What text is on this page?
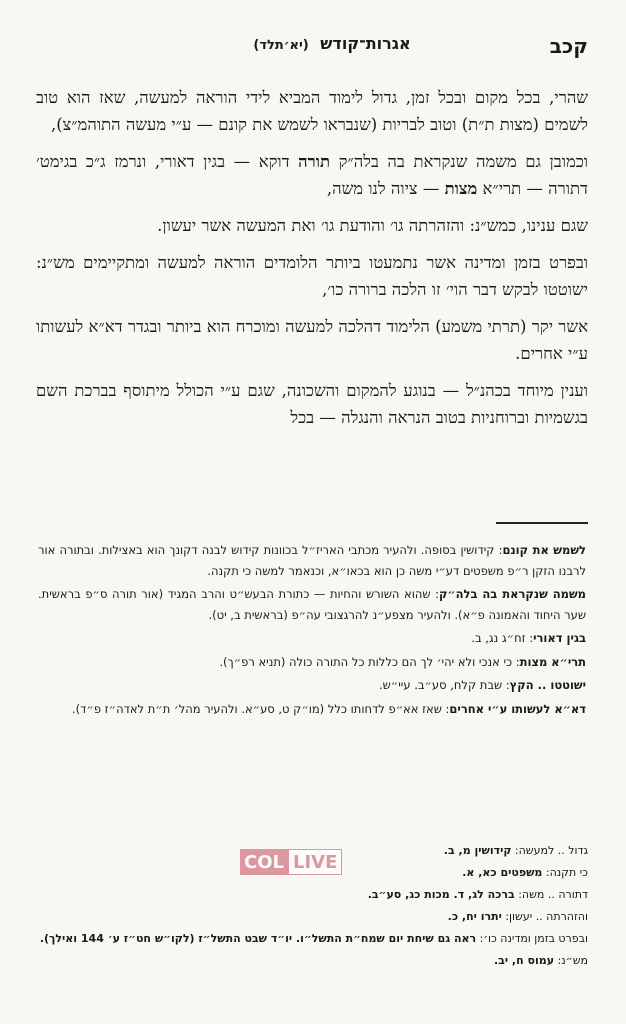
קכב
אגרות־קודש (יא׳תלד)

שהרי, בכל מקום ובכל זמן, גדול לימוד המביא לידי הוראה למעשה, שאז הוא טוב לשמים (מצות ת״ת) וטוב לבריות (שנבראו לשמש את קונם — ע״י מעשה התוהמ״צ),

וכמובן גם משמה שנקראת בה בלה״ק תורה דוקא — בגין דאורי, ונרמז ג״כ בגימט׳ דתורה — תרי״א מצות — ציוה לנו משה,

שגם ענינו, כמש״נ: והזהרתה גו׳ והודעת גו׳ ואת המעשה אשר יעשון.

ובפרט בזמן ומדינה אשר נתמעטו ביותר הלומדים הוראה למעשה ומתקיימים מש״נ: ישוטטו לבקש דבר הוי׳ זו הלכה ברורה כו׳,

אשר יקר (תרתי משמע) הלימוד דהלכה למעשה ומוכרח הוא ביותר ובגדר דא״א לעשותו ע״י אחרים.

וענין מיוחד בכהנ״ל — בנוגע להמקום והשכונה, שגם ע״י הכולל מיתוסף בברכת השם בגשמיות וברוחניות בטוב הנראה והנגלה — בכל

לשמש את קונם: קידושין בסופה. ולהעיר מכתבי האריז״ל בכוונות קידוש לבנה דקונך הוא באצילות. ובתורה אור לרבנו הזקן ר״פ משפטים דע״י משה כן הוא בכאו״א, וכנאמר למשה כי תקנה.
משמה שנקראת בה בלה״ק: שהוא השורש והחיות — כתורת הבעש״ט והרב המגיד (אור תורה ס״פ בראשית. שער היחוד והאמונה פ״א). ולהעיר מצפע״נ להרגצובי עה״פ (בראשית ב, יט).
בגין דאורי: זח״ג נג, ב.
תרי״א מצות: כי אנכי ולא יהי׳ לך הם כללות כל התורה כולה (תניא רפ״ך).
ישוטטו .. הקץ: שבת קלח, סע״ב. עיי״ש.
דא״א לעשותו ע״י אחרים: שאז אא״פ לדחותו כלל (מו״ק ט, סע״א. ולהעיר מהל׳ ת״ת לאדה״ז פ״ד).
גדול .. למעשה: קידושין מ, ב.
כי תקנה: משפטים כא, א.
דתורה .. משה: ברכה לג, ד. מכות כג, סע״ב.
והזהרתה .. יעשון: יתרו יח, כ.
ובפרט בזמן ומדינה כו׳: ראה גם שיחת יום שמח״ת התשל״ו. יו״ד שבט התשל״ז (לקו״ש חט״ז ע׳ 144 ואילך).
מש״נ: עמוס ח, יב.
COL LIVE
